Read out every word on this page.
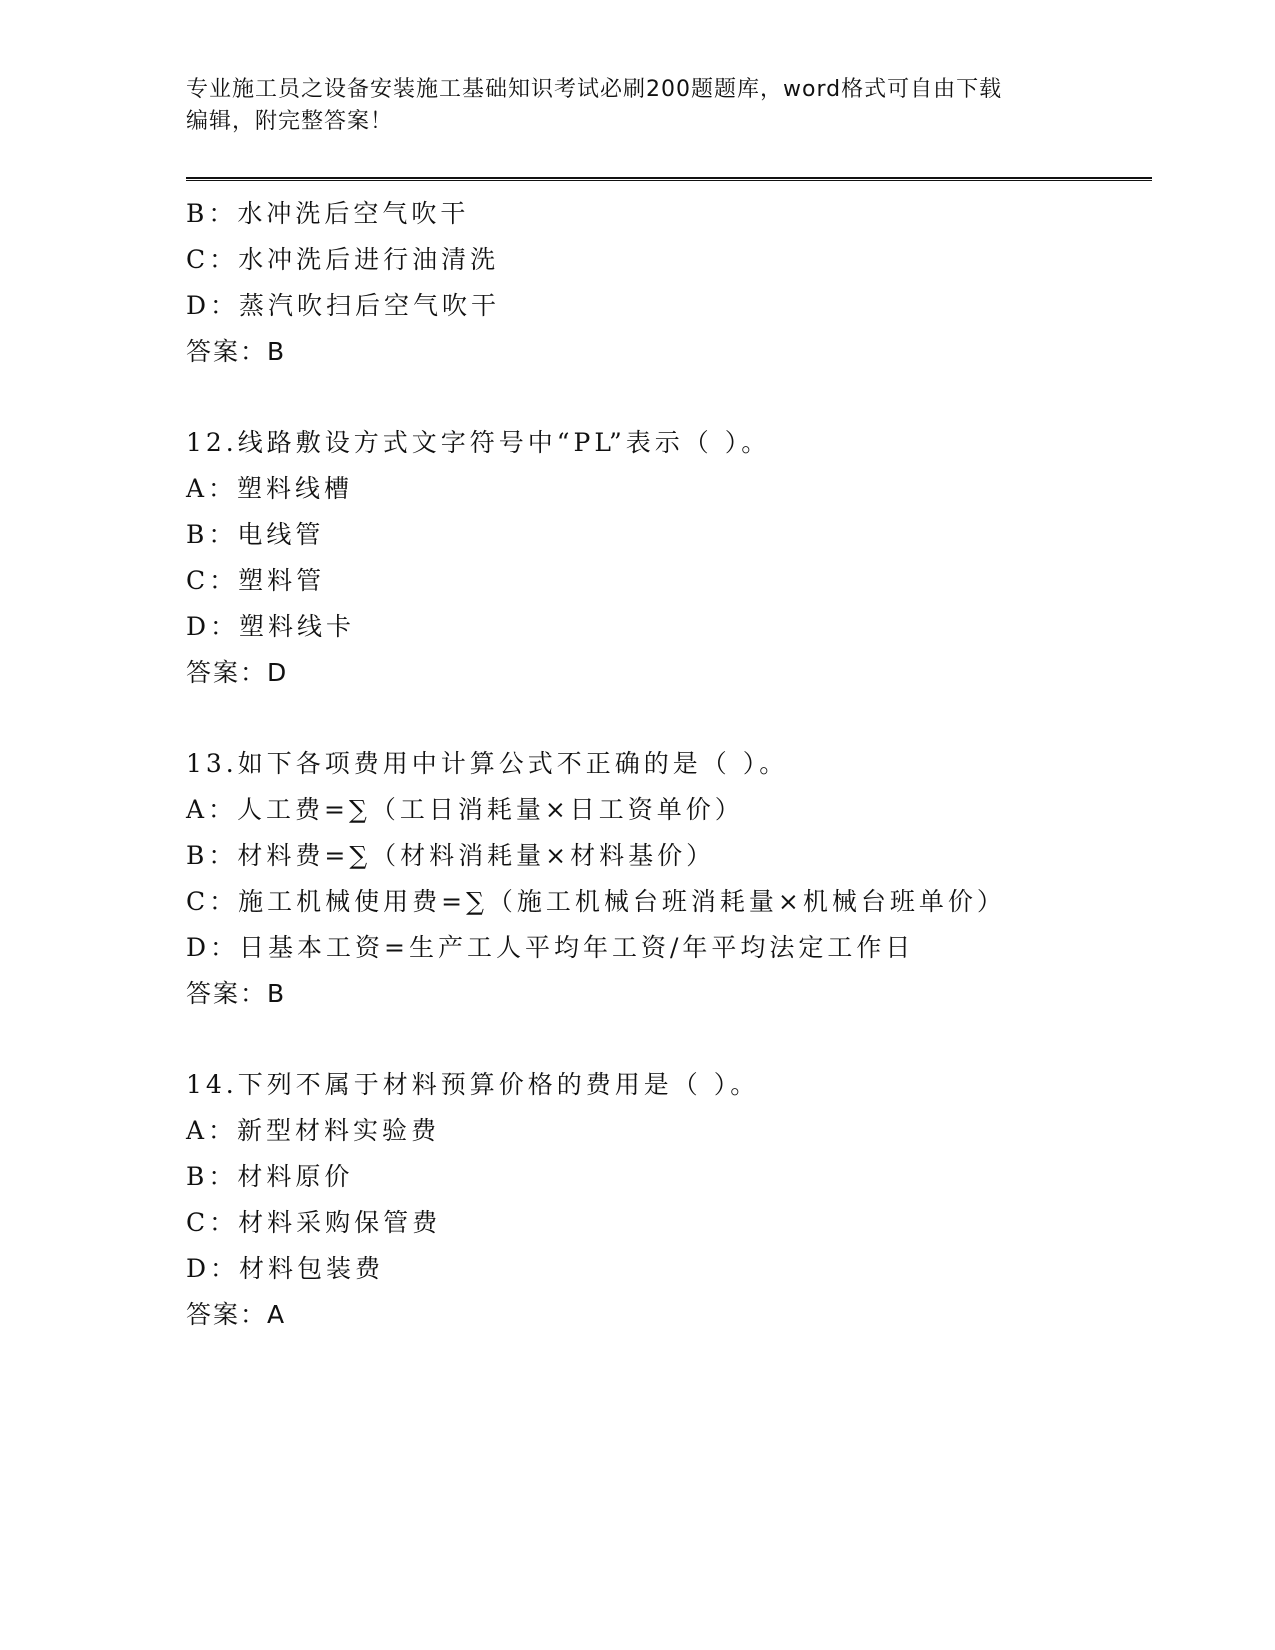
专业施工员之设备安装施工基础知识考试必刷200题题库，word格式可自由下载
编辑，附完整答案！
B：水冲洗后空气吹干
C：水冲洗后进行油清洗
D：蒸汽吹扫后空气吹干
答案：B
12.线路敷设方式文字符号中“PL”表示（ ）。
A：塑料线槽
B：电线管
C：塑料管
D：塑料线卡
答案：D
13.如下各项费用中计算公式不正确的是（ ）。
A：人工费=∑（工日消耗量×日工资单价）
B：材料费=∑（材料消耗量×材料基价）
C：施工机械使用费=∑（施工机械台班消耗量×机械台班单价）
D：日基本工资=生产工人平均年工资/年平均法定工作日
答案：B
14.下列不属于材料预算价格的费用是（ ）。
A：新型材料实验费
B：材料原价
C：材料采购保管费
D：材料包装费
答案：A
